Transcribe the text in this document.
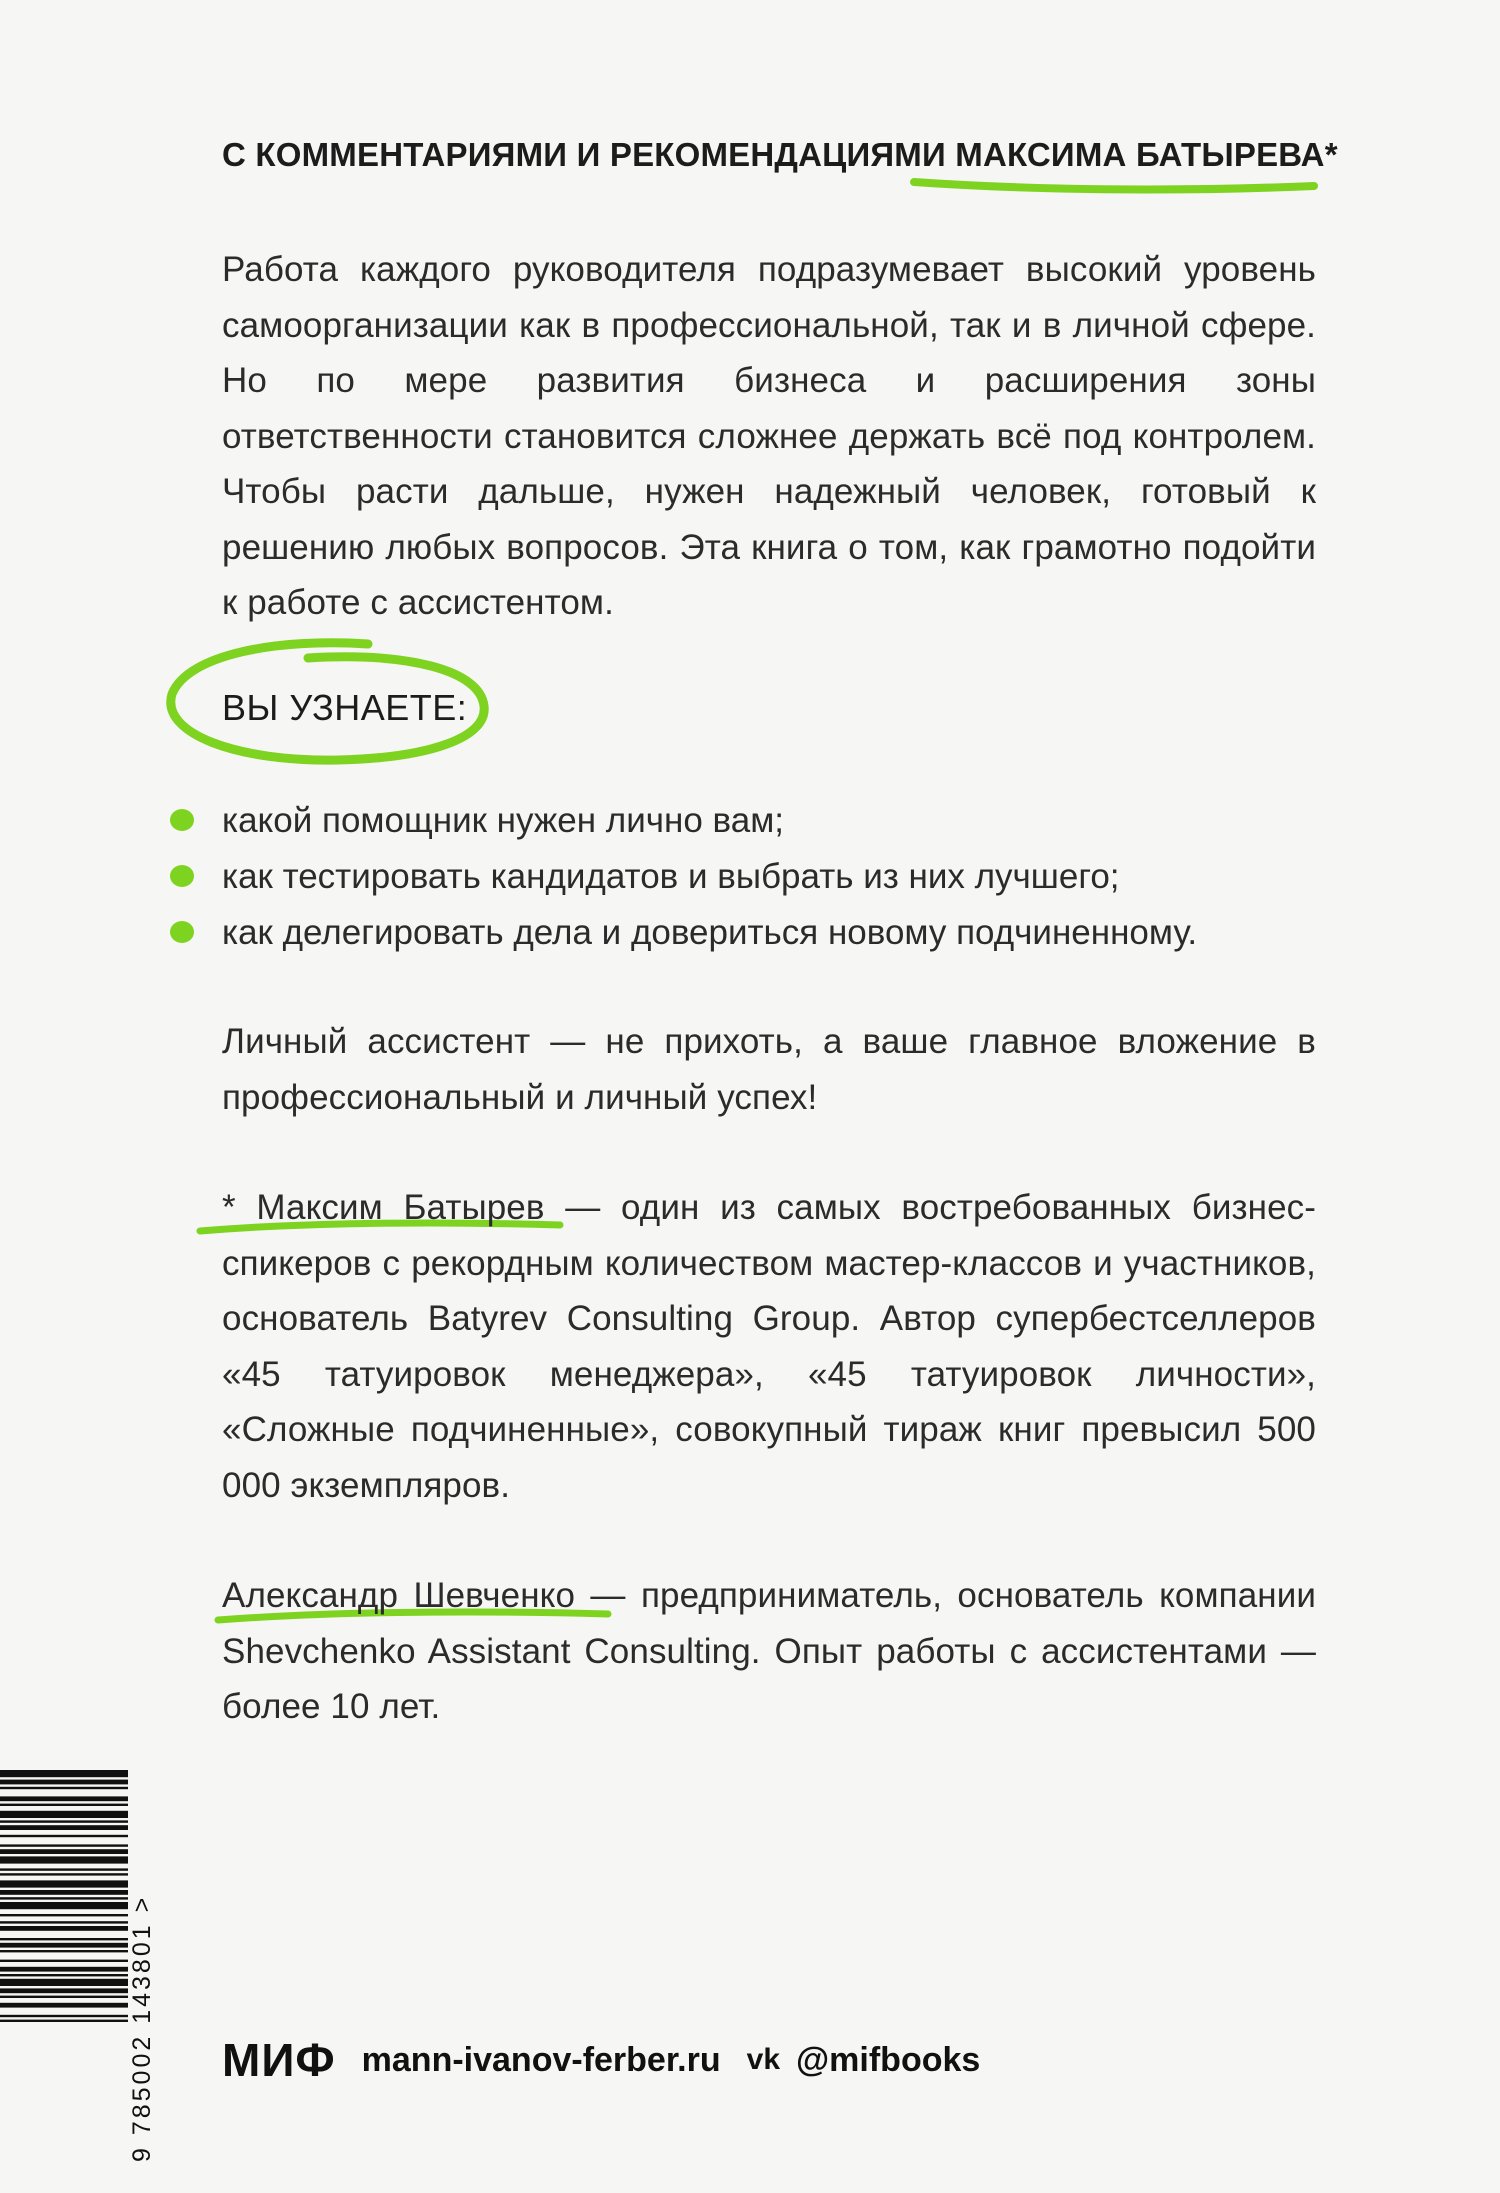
С КОММЕНТАРИЯМИ И РЕКОМЕНДАЦИЯМИ МАКСИМА БАТЫРЕВА*
Работа каждого руководителя подразумевает высокий уровень самоорганизации как в профессиональной, так и в личной сфере. Но по мере развития бизнеса и расширения зоны ответственности становится сложнее держать всё под контролем. Чтобы расти дальше, нужен надежный человек, готовый к решению любых вопросов. Эта книга о том, как грамотно подойти к работе с ассистентом.
ВЫ УЗНАЕТЕ:
какой помощник нужен лично вам;
как тестировать кандидатов и выбрать из них лучшего;
как делегировать дела и довериться новому подчиненному.
Личный ассистент — не прихоть, а ваше главное вложение в профессиональный и личный успех!
* Максим Батырев — один из самых востребованных бизнес-спикеров с рекордным количеством мастер-классов и участников, основатель Batyrev Consulting Group. Автор супербестселлеров «45 татуировок менеджера», «45 татуировок личности», «Сложные подчиненные», совокупный тираж книг превысил 500 000 экземпляров.
Александр Шевченко — предприниматель, основатель компании Shevchenko Assistant Consulting. Опыт работы с ассистентами — более 10 лет.
9 785002 143801 > МИФ mann-ivanov-ferber.ru vk @mifbooks
